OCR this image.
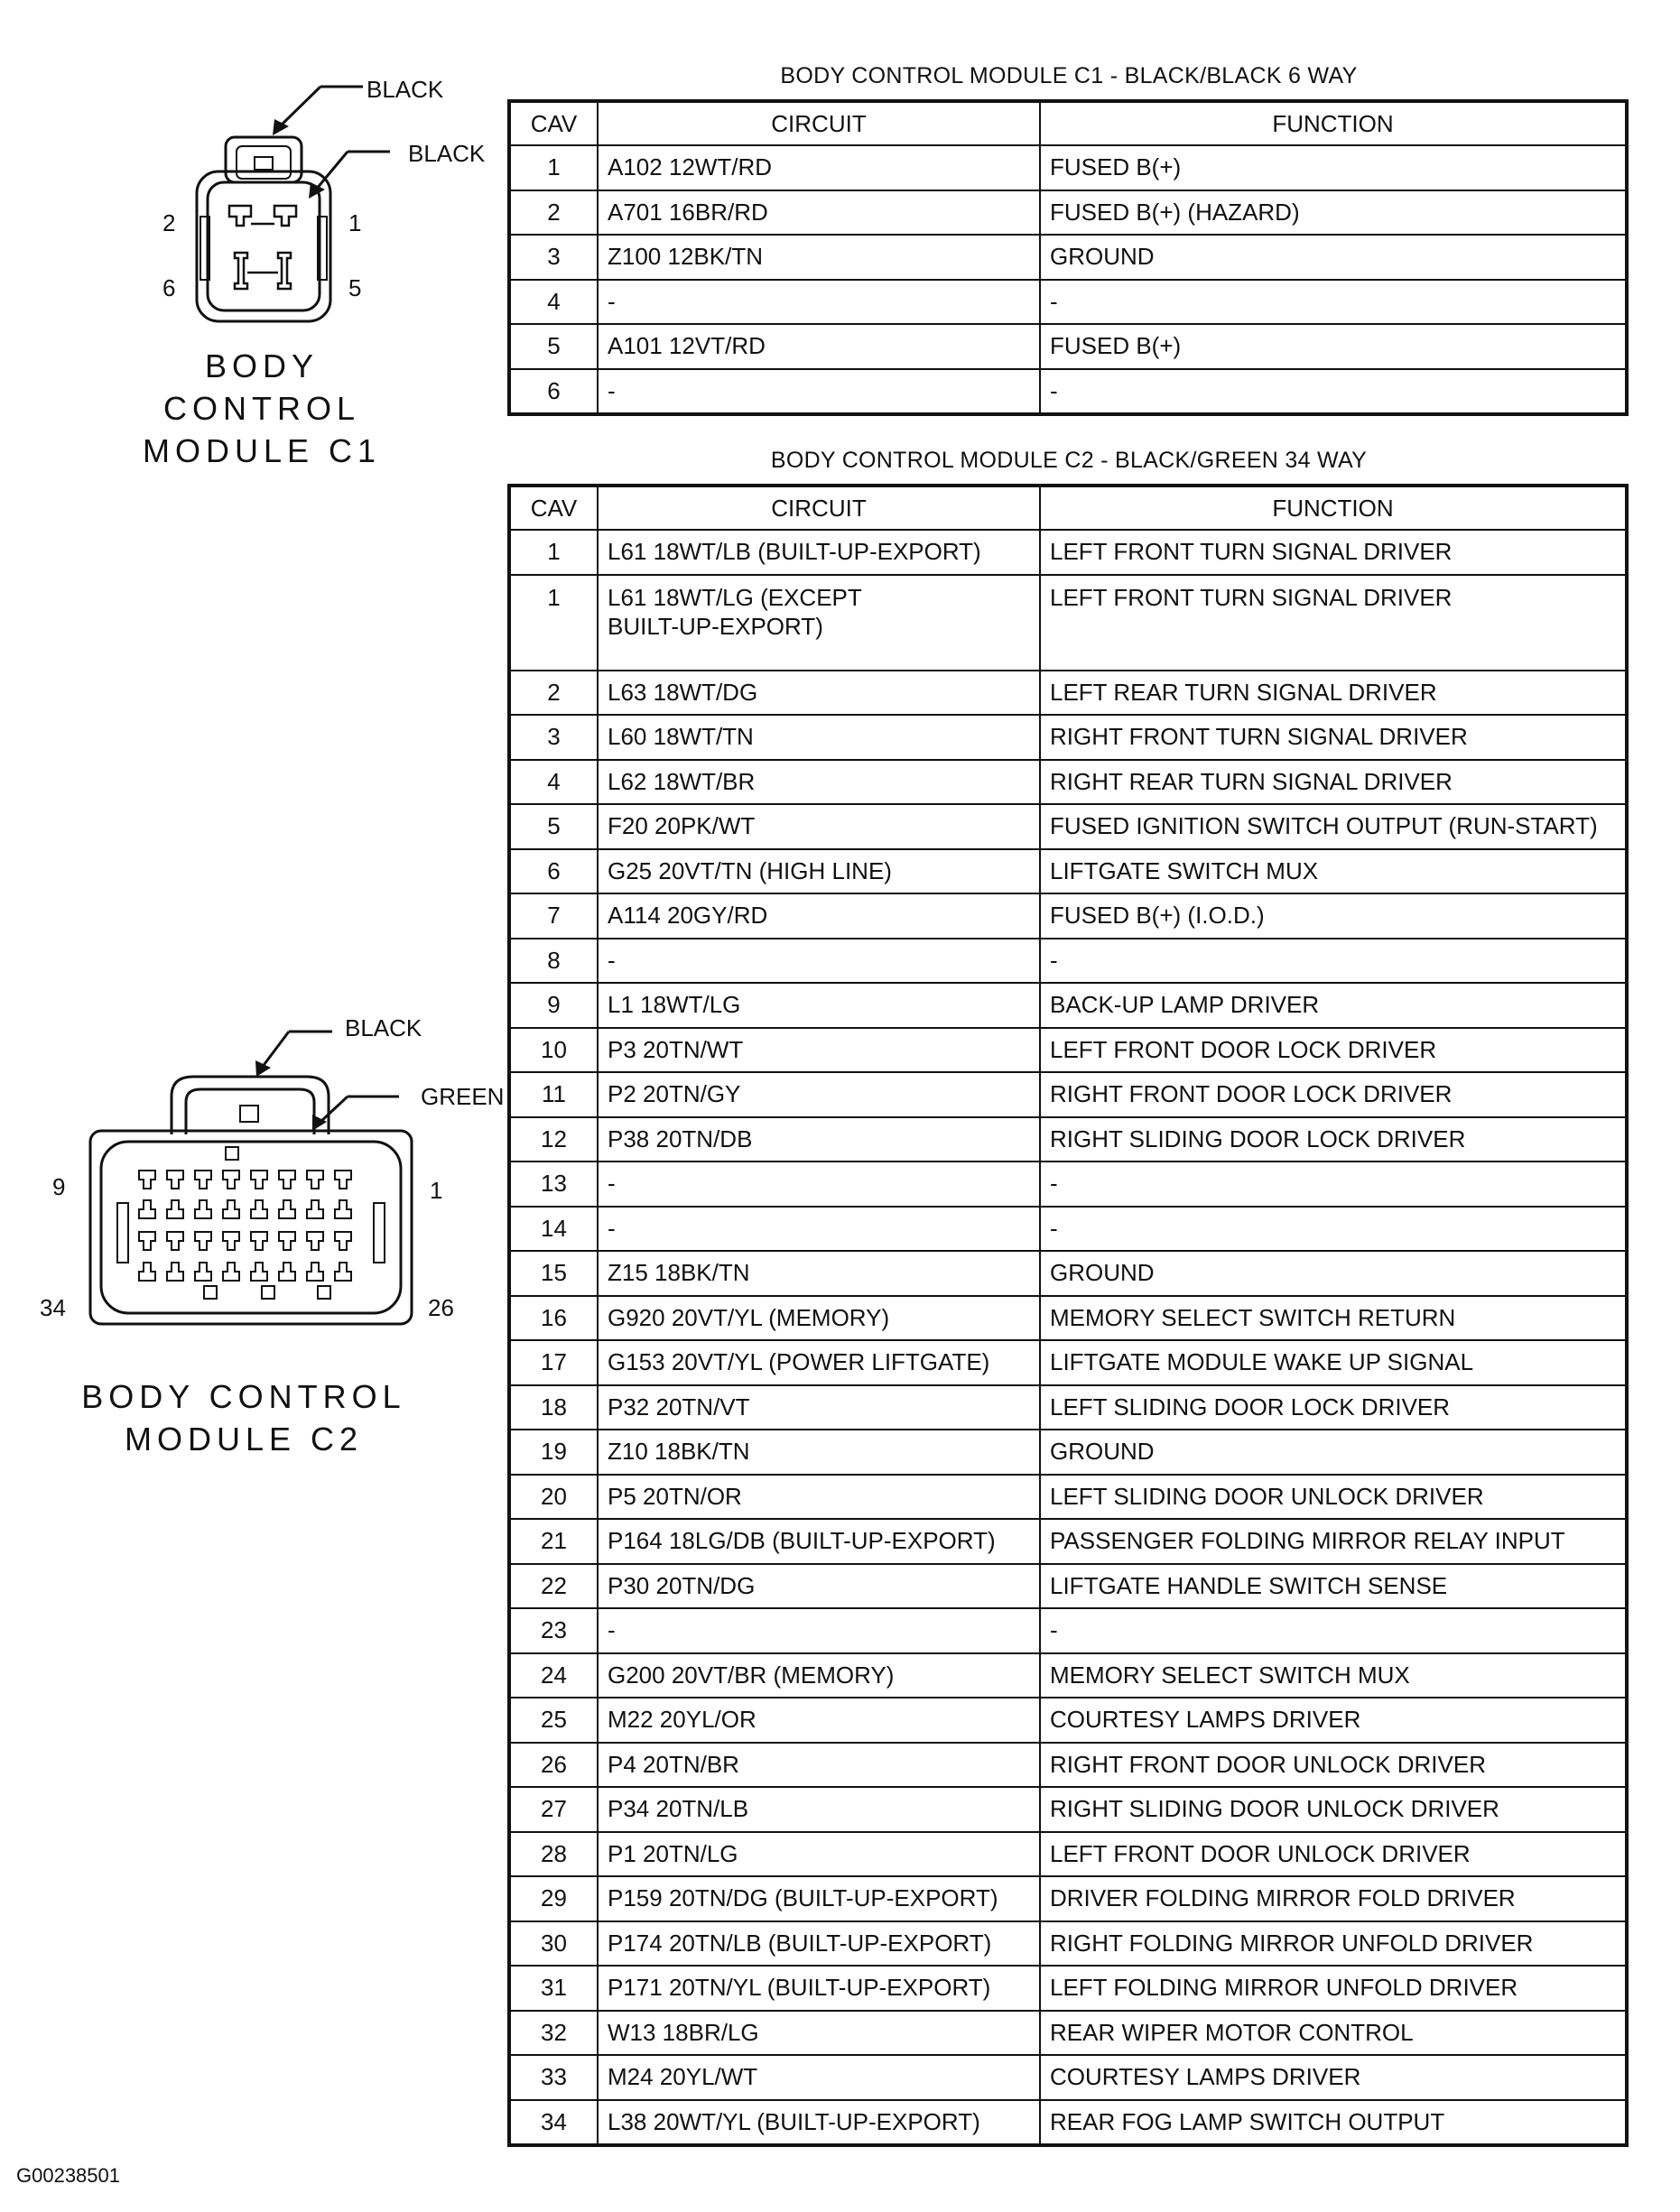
BLACK
BLACK
2	1
6	5
BODY CONTROL
MODULE C1
BLACK
GREEN
9	1
34	26
BODY CONTROL
MODULE C2
BODY CONTROL MODULE C1 - BLACK/BLACK 6 WAY
CAV	CIRCUIT	FUNCTION
1	A102 12WT/RD	FUSED B(+)
2	A701 16BR/RD	FUSED B(+) (HAZARD)
3	Z100 12BK/TN	GROUND
4	-	-
5	A101 12VT/RD	FUSED B(+)
6	-	-
BODY CONTROL MODULE C2 - BLACK/GREEN 34 WAY
CAV	CIRCUIT	FUNCTION
1	L61 18WT/LB (BUILT-UP-EXPORT)	LEFT FRONT TURN SIGNAL DRIVER
1	L61 18WT/LG (EXCEPT
BUILT-UP-EXPORT)	LEFT FRONT TURN SIGNAL DRIVER
2	L63 18WT/DG	LEFT REAR TURN SIGNAL DRIVER
3	L60 18WT/TN	RIGHT FRONT TURN SIGNAL DRIVER
4	L62 18WT/BR	RIGHT REAR TURN SIGNAL DRIVER
5	F20 20PK/WT	FUSED IGNITION SWITCH OUTPUT (RUN-START)
6	G25 20VT/TN (HIGH LINE)	LIFTGATE SWITCH MUX
7	A114 20GY/RD	FUSED B(+) (I.O.D.)
8	-	-
9	L1 18WT/LG	BACK-UP LAMP DRIVER
10	P3 20TN/WT	LEFT FRONT DOOR LOCK DRIVER
11	P2 20TN/GY	RIGHT FRONT DOOR LOCK DRIVER
12	P38 20TN/DB	RIGHT SLIDING DOOR LOCK DRIVER
13	-	-
14	-	-
15	Z15 18BK/TN	GROUND
16	G920 20VT/YL (MEMORY)	MEMORY SELECT SWITCH RETURN
17	G153 20VT/YL (POWER LIFTGATE)	LIFTGATE MODULE WAKE UP SIGNAL
18	P32 20TN/VT	LEFT SLIDING DOOR LOCK DRIVER
19	Z10 18BK/TN	GROUND
20	P5 20TN/OR	LEFT SLIDING DOOR UNLOCK DRIVER
21	P164 18LG/DB (BUILT-UP-EXPORT)	PASSENGER FOLDING MIRROR RELAY INPUT
22	P30 20TN/DG	LIFTGATE HANDLE SWITCH SENSE
23	-	-
24	G200 20VT/BR (MEMORY)	MEMORY SELECT SWITCH MUX
25	M22 20YL/OR	COURTESY LAMPS DRIVER
26	P4 20TN/BR	RIGHT FRONT DOOR UNLOCK DRIVER
27	P34 20TN/LB	RIGHT SLIDING DOOR UNLOCK DRIVER
28	P1 20TN/LG	LEFT FRONT DOOR UNLOCK DRIVER
29	P159 20TN/DG (BUILT-UP-EXPORT)	DRIVER FOLDING MIRROR FOLD DRIVER
30	P174 20TN/LB (BUILT-UP-EXPORT)	RIGHT FOLDING MIRROR UNFOLD DRIVER
31	P171 20TN/YL (BUILT-UP-EXPORT)	LEFT FOLDING MIRROR UNFOLD DRIVER
32	W13 18BR/LG	REAR WIPER MOTOR CONTROL
33	M24 20YL/WT	COURTESY LAMPS DRIVER
34	L38 20WT/YL (BUILT-UP-EXPORT)	REAR FOG LAMP SWITCH OUTPUT
G00238501
